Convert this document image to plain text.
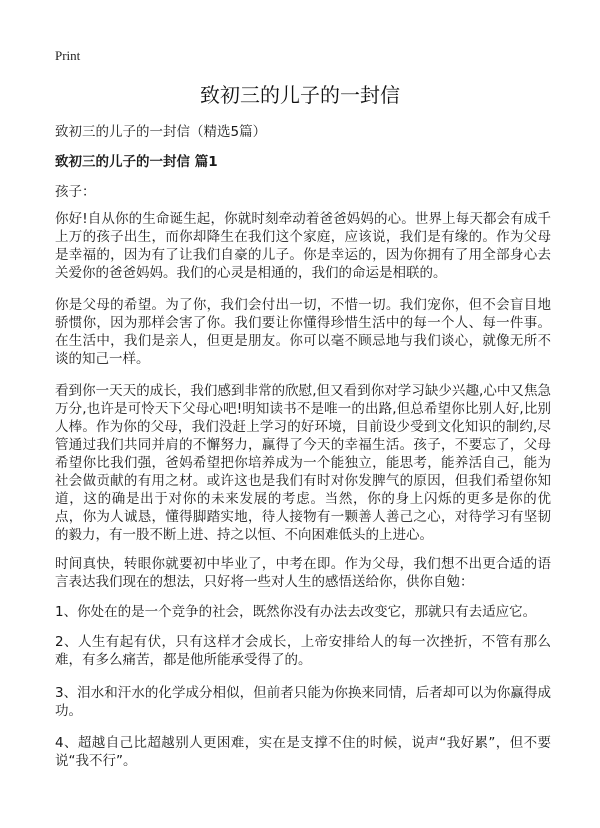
Print
致初三的儿子的一封信

致初三的儿子的一封信（精选5篇）

致初三的儿子的一封信 篇1

孩子：

你好!自从你的生命诞生起，你就时刻牵动着爸爸妈妈的心。世界上每天都会有成千上万的孩子出生，而你却降生在我们这个家庭，应该说，我们是有缘的。作为父母是幸福的，因为有了让我们自豪的儿子。你是幸运的，因为你拥有了用全部身心去关爱你的爸爸妈妈。我们的心灵是相通的，我们的命运是相联的。

你是父母的希望。为了你，我们会付出一切，不惜一切。我们宠你，但不会盲目地骄惯你，因为那样会害了你。我们要让你懂得珍惜生活中的每一个人、每一件事。在生活中，我们是亲人，但更是朋友。你可以毫不顾忌地与我们谈心，就像无所不谈的知己一样。

看到你一天天的成长，我们感到非常的欣慰,但又看到你对学习缺少兴趣,心中又焦急万分,也许是可怜天下父母心吧!明知读书不是唯一的出路,但总希望你比别人好,比别人棒。作为你的父母，我们没赶上学习的好环境，目前设少受到文化知识的制约,尽管通过我们共同并肩的不懈努力，赢得了今天的幸福生活。孩子，不要忘了，父母希望你比我们强，爸妈希望把你培养成为一个能独立，能思考，能养活自己，能为社会做贡献的有用之材。或许这也是我们有时对你发脾气的原因，但我们希望你知道，这的确是出于对你的未来发展的考虑。当然，你的身上闪烁的更多是你的优点，你为人诚恳，懂得脚踏实地，待人接物有一颗善人善己之心，对待学习有坚韧的毅力，有一股不断上进、持之以恒、不向困难低头的上进心。

时间真快，转眼你就要初中毕业了，中考在即。作为父母，我们想不出更合适的语言表达我们现在的想法，只好将一些对人生的感悟送给你，供你自勉：

1、你处在的是一个竞争的社会，既然你没有办法去改变它，那就只有去适应它。

2、人生有起有伏，只有这样才会成长，上帝安排给人的每一次挫折，不管有那么难，有多么痛苦，都是他所能承受得了的。

3、泪水和汗水的化学成分相似，但前者只能为你换来同情，后者却可以为你赢得成功。

4、超越自己比超越别人更困难，实在是支撑不住的时候，说声“我好累”，但不要说“我不行”。
